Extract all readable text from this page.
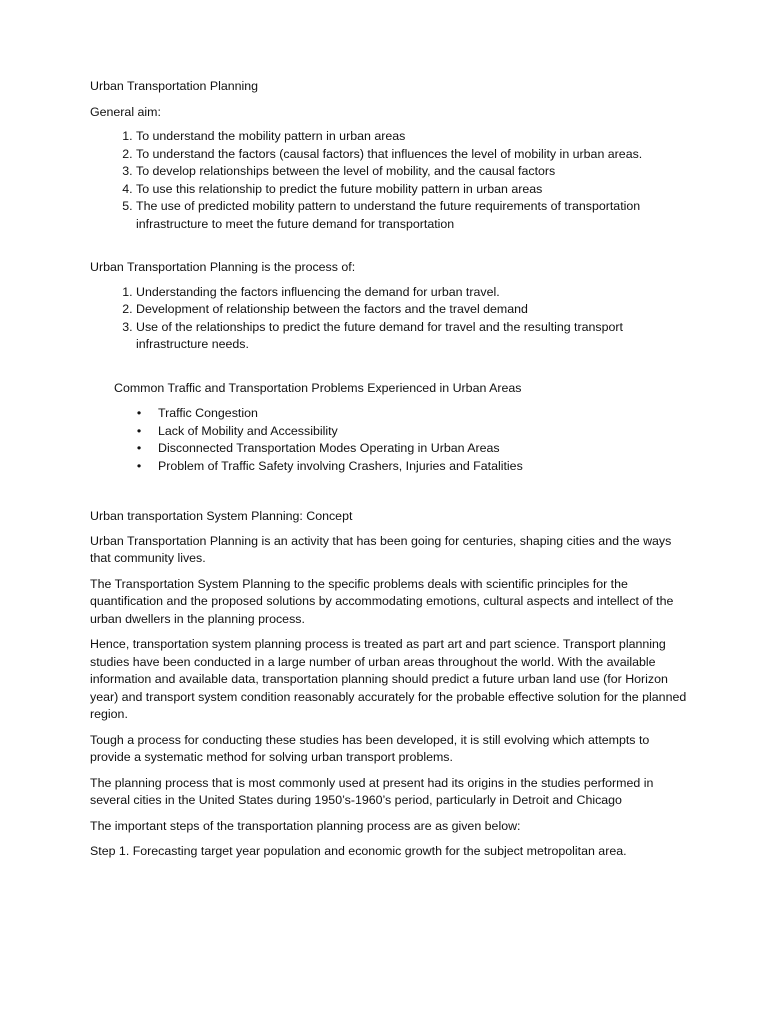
Urban Transportation Planning

General aim:

1. To understand the mobility pattern in urban areas
2. To understand the factors (causal factors) that influences the level of mobility in urban areas.
3. To develop relationships between the level of mobility, and the causal factors
4. To use this relationship to predict the future mobility pattern in urban areas
5. The use of predicted mobility pattern to understand the future requirements of transportation infrastructure to meet the future demand for transportation

Urban Transportation Planning is the process of:

1. Understanding the factors influencing the demand for urban travel.
2. Development of relationship between the factors and the travel demand
3. Use of the relationships to predict the future demand for travel and the resulting transport infrastructure needs.

Common Traffic and Transportation Problems Experienced in Urban Areas

• Traffic Congestion
• Lack of Mobility and Accessibility
• Disconnected Transportation Modes Operating in Urban Areas
• Problem of Traffic Safety involving Crashers, Injuries and Fatalities

Urban transportation System Planning: Concept

Urban Transportation Planning is an activity that has been going for centuries, shaping cities and the ways that community lives.

The Transportation System Planning to the specific problems deals with scientific principles for the quantification and the proposed solutions by accommodating emotions, cultural aspects and intellect of the urban dwellers in the planning process.

Hence, transportation system planning process is treated as part art and part science. Transport planning studies have been conducted in a large number of urban areas throughout the world. With the available information and available data, transportation planning should predict a future urban land use (for Horizon year) and transport system condition reasonably accurately for the probable effective solution for the planned region.

Tough a process for conducting these studies has been developed, it is still evolving which attempts to provide a systematic method for solving urban transport problems.

The planning process that is most commonly used at present had its origins in the studies performed in several cities in the United States during 1950’s-1960’s period, particularly in Detroit and Chicago

The important steps of the transportation planning process are as given below:

Step 1. Forecasting target year population and economic growth for the subject metropolitan area.
